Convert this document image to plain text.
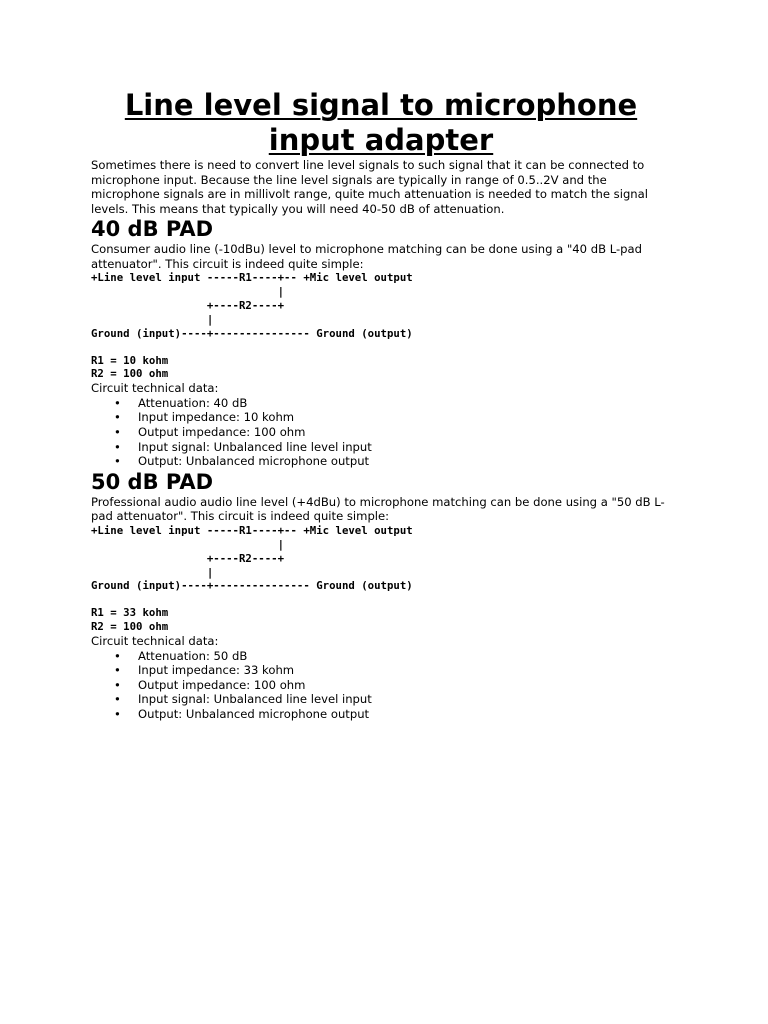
Line level signal to microphone input adapter

Sometimes there is need to convert line level signals to such signal that it can be connected to microphone input. Because the line level signals are typically in range of 0.5..2V and the microphone signals are in millivolt range, quite much attenuation is needed to match the signal levels. This means that typically you will need 40-50 dB of attenuation.

40 dB PAD

Consumer audio line (-10dBu) level to microphone matching can be done using a "40 dB L-pad attenuator". This circuit is indeed quite simple:

+Line level input -----R1----+-- +Mic level output
|
+----R2----+
|
Ground (input)----+--------------- Ground (output)
R1 = 10 kohm
R2 = 100 ohm

Circuit technical data:

• Attenuation: 40 dB
• Input impedance: 10 kohm
• Output impedance: 100 ohm
• Input signal: Unbalanced line level input
• Output: Unbalanced microphone output
50 dB PAD

Professional audio audio line level (+4dBu) to microphone matching can be done using a "50 dB L-pad attenuator". This circuit is indeed quite simple:

+Line level input -----R1----+-- +Mic level output
|
+----R2----+
|
Ground (input)----+--------------- Ground (output)
R1 = 33 kohm
R2 = 100 ohm

Circuit technical data:

• Attenuation: 50 dB
• Input impedance: 33 kohm
• Output impedance: 100 ohm
• Input signal: Unbalanced line level input
• Output: Unbalanced microphone output
